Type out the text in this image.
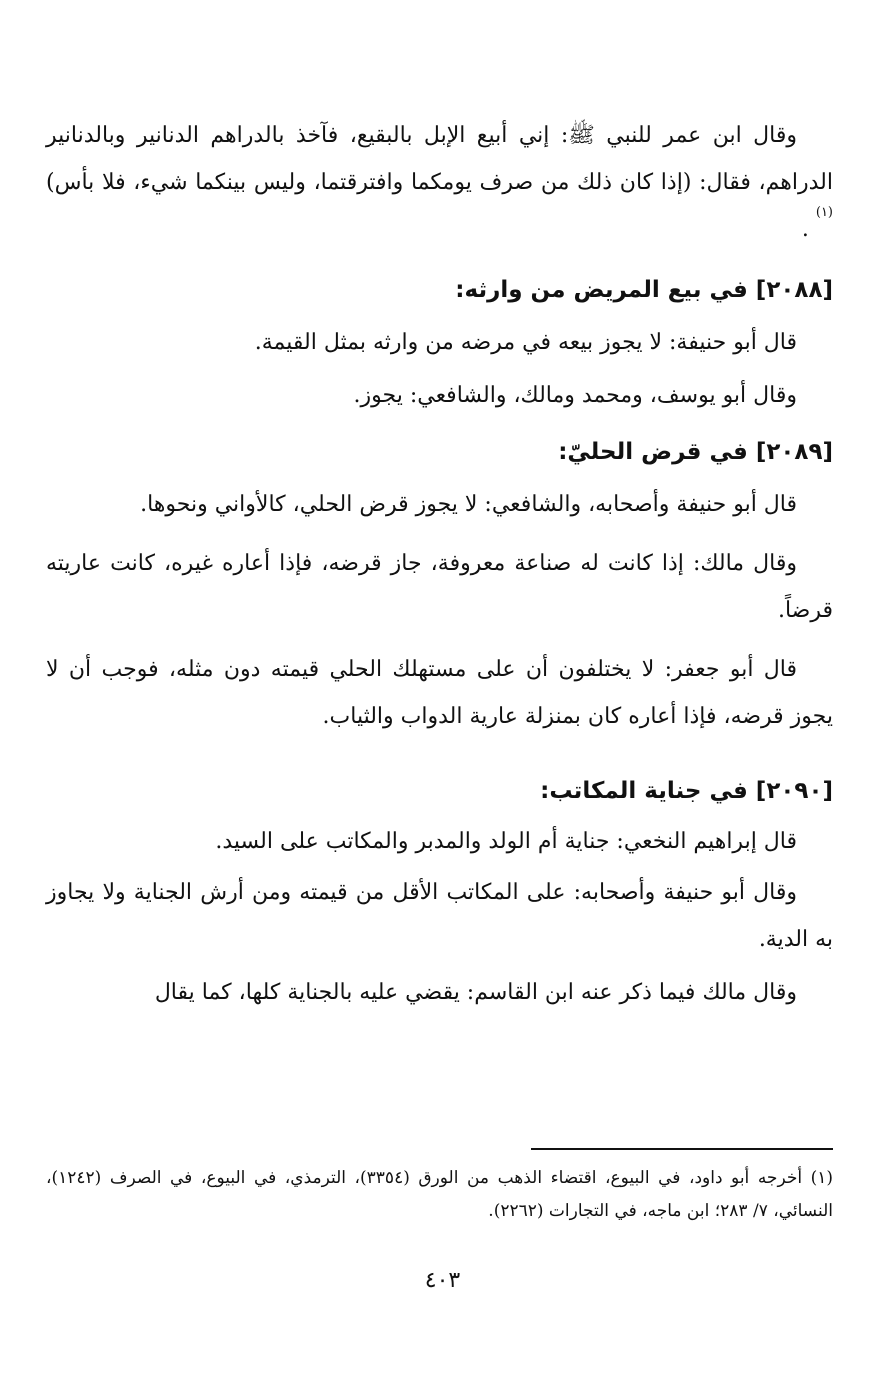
وقال ابن عمر للنبي ﷺ: إني أبيع الإبل بالبقيع، فآخذ بالدراهم الدنانير وبالدنانير الدراهم، فقال: (إذا كان ذلك من صرف يومكما وافترقتما، وليس بينكما شيء، فلا بأس)$^{(١)}$ .

[٢٠٨٨] في بيع المريض من وارثه:

قال أبو حنيفة: لا يجوز بيعه في مرضه من وارثه بمثل القيمة.

وقال أبو يوسف، ومحمد ومالك، والشافعي: يجوز.

[٢٠٨٩] في قرض الحليّ:

قال أبو حنيفة وأصحابه، والشافعي: لا يجوز قرض الحلي، كالأواني ونحوها.

وقال مالك: إذا كانت له صناعة معروفة، جاز قرضه، فإذا أعاره غيره، كانت عاريته قرضاً.

قال أبو جعفر: لا يختلفون أن على مستهلك الحلي قيمته دون مثله، فوجب أن لا يجوز قرضه، فإذا أعاره كان بمنزلة عارية الدواب والثياب.

[٢٠٩٠] في جناية المكاتب:

قال إبراهيم النخعي: جناية أم الولد والمدبر والمكاتب على السيد.

وقال أبو حنيفة وأصحابه: على المكاتب الأقل من قيمته ومن أرش الجناية ولا يجاوز به الدية.

وقال مالك فيما ذكر عنه ابن القاسم: يقضي عليه بالجناية كلها، كما يقال

(١) أخرجه أبو داود، في البيوع، اقتضاء الذهب من الورق (٣٣٥٤)، الترمذي، في البيوع، في الصرف (١٢٤٢)، النسائي، ٧/ ٢٨٣؛ ابن ماجه، في التجارات (٢٢٦٢).

٤٠٣
